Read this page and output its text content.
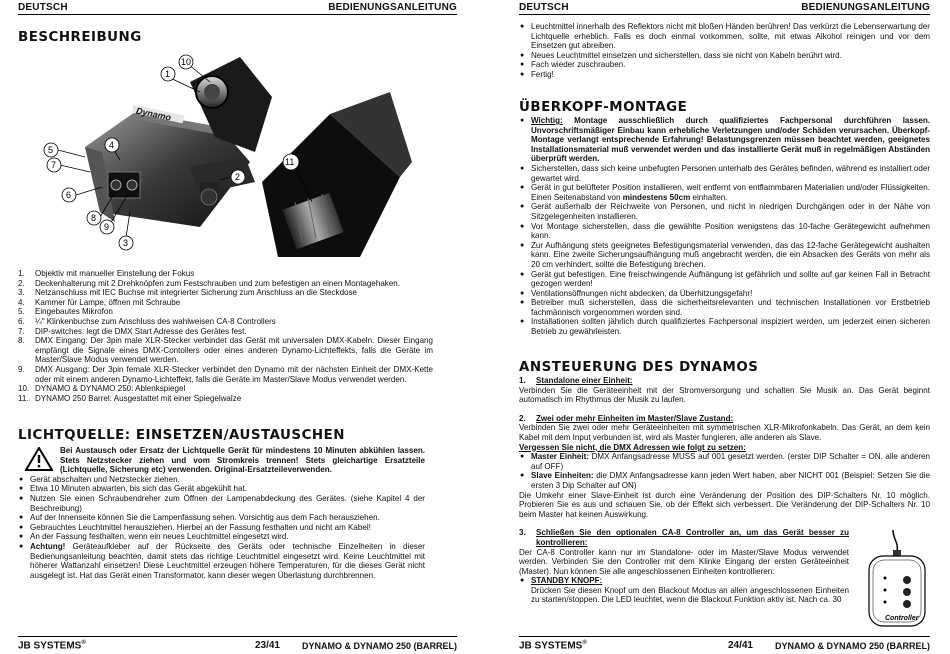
DEUTSCH	BEDIENUNGSANLEITUNG
BESCHREIBUNG
Dynamo
1
10
2
3
4
5
6
7
8
9
11
1.	Objektiv mit manueller Einstellung der Fokus
2.	Deckenhalterung mit 2 Drehknöpfen zum Festschrauben und zum befestigen an einen Montagehaken.
3.	Netzanschluss mit IEC Buchse mit integrierter Sicherung zum Anschluss an die Steckdose
4.	Kammer für Lampe, öffnen mit Schraube
5.	Eingebautes Mikrofon
6.	¼" Klinkenbuchse zum Anschluss des wahlweisen CA-8 Controllers
7.	DIP-switches: legt die DMX Start Adresse des Gerätes fest.
8.	DMX Eingang: Der 3pin male XLR-Stecker verbindet das Gerät mit universalen DMX-Kabeln. Dieser Eingang empfängt die Signale eines DMX-Contollers oder eines anderen Dynamo-Lichteffekts, falls die Geräte im Master/Slave Modus verwendet werden.
9.	DMX Ausgang: Der 3pin female XLR-Stecker verbindet den Dynamo mit der nächsten Einheit der DMX-Kette oder mit einem anderen Dynamo-Lichteffekt, falls die Geräte im Master/Slave Modus verwendet werden.
10. DYNAMO & DYNAMO 250: Ablenkspiegel
11. DYNAMO 250 Barrel: Ausgestattet mit einer Spiegelwalze
LICHTQUELLE: EINSETZEN/AUSTAUSCHEN
Bei Austausch oder Ersatz der Lichtquelle Gerät für mindestens 10 Minuten abkühlen lassen. Stets Netzstecker ziehen und vom Stromkreis trennen! Stets gleichartige Ersatzteile (Lichtquelle, Sicherung etc) verwenden. Original-Ersatzteileverwenden.
● Gerät abschalten und Netzstecker ziehen.
● Etwa 10 Minuten abwarten, bis sich das Gerät abgekühlt hat.
● Nutzen Sie einen Schraubendreher zum Öffnen der Lampenabdeckung des Gerätes. (siehe Kapitel 4 der Beschreibung)
● Auf der Innenseite können Sie die Lampenfassung sehen. Vorsichtig aus dem Fach herausziehen.
● Gebrauchtes Leuchtmittel herausziehen. Hierbei an der Fassung festhalten und nicht am Kabel!
● An der Fassung festhalten, wenn ein neues Leuchtmittel eingesetzt wird.
● Achtung! Geräteaufkleber auf der Rückseite des Geräts oder technische Einzelheiten in dieser Bedienungsanleitung beachten, damit stets das richtige Leuchtmittel eingesetzt wird. Keine Leuchtmittel mit höherer Wattanzahl einsetzen! Diese Leuchtmittel erzeugen höhere Temperaturen, für die dieses Gerät nicht ausgelegt ist. Hat das Gerät einen Transformator, kann dieser wegen Überlastung durchbrennen.
JB SYSTEMS®	23/41 DYNAMO & DYNAMO 250 (BARREL)
DEUTSCH	BEDIENUNGSANLEITUNG
● Leuchtmittel innerhalb des Reflektors nicht mit bloßen Händen berühren! Das verkürzt die Lebenserwartung der Lichtquelle erheblich. Falls es doch einmal vorkommen, sollte, mit etwas Alkohol reinigen und vor dem Einsetzen gut abreiben.
● Neues Leuchtmittel einsetzen und sicherstellen, dass sie nicht von Kabeln berührt wird.
● Fach wieder zuschrauben.
● Fertig!
ÜBERKOPF-MONTAGE
● Wichtig: Montage ausschließlich durch qualifiziertes Fachpersonal durchführen lassen. Unvorschriftsmäßiger Einbau kann erhebliche Verletzungen und/oder Schäden verursachen. Überkopf-Montage verlangt entsprechende Erfahrung! Belastungsgrenzen müssen beachtet werden, geeignetes Installationsmaterial muß verwendet werden und das installierte Gerät muß in regelmäßigen Abständen überprüft werden.
● Sicherstellen, dass sich keine unbefugten Personen unterhalb des Gerätes befinden, während es installiert oder gewartet wird.
● Gerät in gut belüfteter Position installieren, weit entfernt von entflammbaren Materialien und/oder Flüssigkeiten. Einen Seitenabstand von mindestens 50cm einhalten.
● Gerät außerhalb der Reichweite von Personen, und nicht in niedrigen Durchgängen oder in der Nähe von Sitzgelegenheiten installieren.
● Vor Montage sicherstellen, dass die gewählte Position wenigstens das 10-fache Gerätegewicht aufnehmen kann.
● Zur Aufhängung stets geeignetes Befestigungsmaterial verwenden, das das 12-fache Gerätegewicht aushalten kann. Eine zweite Sicherungsaufhängung muß angebracht werden, die ein Absacken des Geräts von mehr als 20 cm verhindert, sollte die Befestigung brechen.
● Gerät gut befestigen. Eine freischwingende Aufhängung ist gefährlich und sollte auf gar keinen Fall in Betracht gezogen werden!
● Ventilationsöffnungen nicht abdecken, da Überhitzungsgefahr!
● Betreiber muß sicherstellen, dass die sicherheitsrelevanten und technischen Installationen vor Erstbetrieb fachmännisch vorgenommen worden sind.
● Installationen sollten jährlich durch qualifiziertes Fachpersonal inspiziert werden, um jederzeit einen sicheren Betrieb zu gewährleisten.
ANSTEUERUNG DES DYNAMOS
1.	Standalone einer Einheit:
Verbinden Sie die Geräteeinheit mit der Stromversorgung und schalten Sie Musik an. Das Gerät beginnt automatisch im Rhythmus der Musik zu laufen.
2.	Zwei oder mehr Einheiten im Master/Slave Zustand:
Verbinden Sie zwei oder mehr Geräteeinheiten mit symmetrischen XLR-Mikrofonkabeln. Das Gerät, an dem kein Kabel mit dem Input verbunden ist, wird als Master fungieren, alle anderen als Slave.
Vergessen Sie nicht, die DMX Adressen wie folgt zu setzen:
● Master Einheit: DMX Anfangsadresse MUSS auf 001 gesetzt werden. (erster DIP Schalter = ON, alle anderen auf OFF)
● Slave Einheiten: die DMX Anfangsadresse kann jeden Wert haben, aber NICHT 001 (Beispiel: Setzen Sie die ersten 3 Dip Schalter auf ON)
Die Umkehr einer Slave-Einheit ist durch eine Veränderung der Position des DIP-Schalters Nr. 10 möglich. Probieren Sie es aus und schauen Sie, ob der Effekt sich verbessert. Die Veränderung der DIP-Schalters Nr. 10 beim Master hat keinen Auswirkung.
3.	Schließen Sie den optionalen CA-8 Controller an, um das Gerät besser zu kontrollieren:
Der CA-8 Controller kann nur im Standalone- oder im Master/Slave Modus verwendet werden. Verbinden Sie den Controller mit dem Klinke Eingang der ersten Geräteeinheit (Master). Nun können Sie alle angeschlossenen Einheiten kontrollieren:
● STANDBY KNOPF:
Drücken Sie diesen Knopf um den Blackout Modus an allen angeschlossenen Einheiten zu starten/stoppen. Die LED leuchtet, wenn die Blackout Funktion aktiv ist. Nach ca. 30
Controller
JB SYSTEMS®	24/41 DYNAMO & DYNAMO 250 (BARREL)
